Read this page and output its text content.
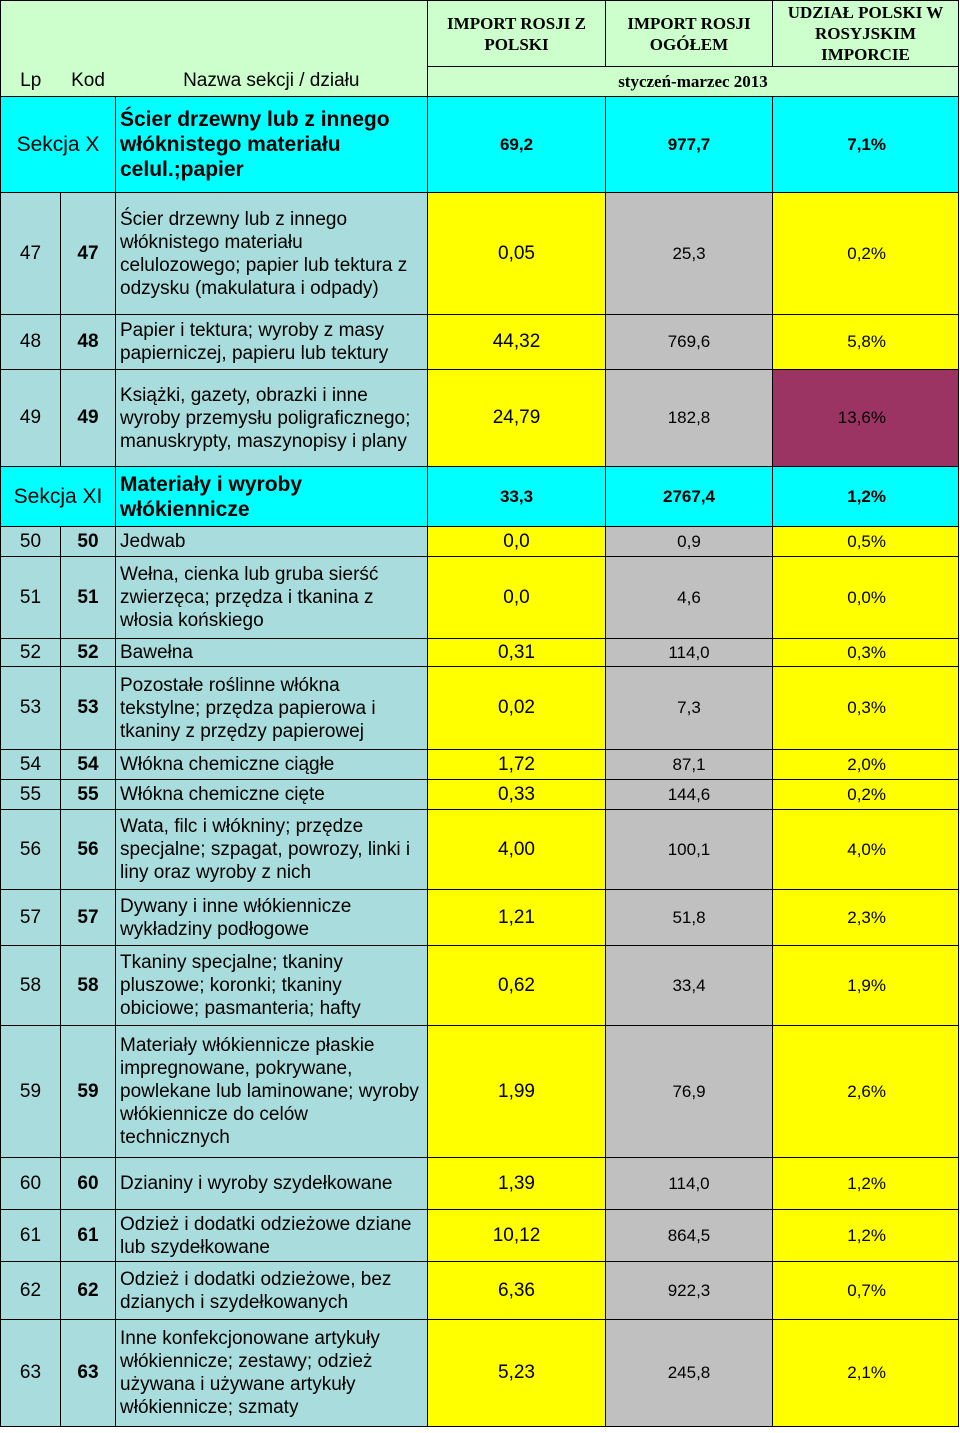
			IMPORT ROSJI Z POLSKI	IMPORT ROSJI OGÓŁEM	UDZIAŁ POLSKI W ROSYJSKIM IMPORCIE
Lp	Kod	Nazwa sekcji / działu	styczeń-marzec 2013		
Sekcja X		Ścier drzewny lub z innego włóknistego materiału celul.;papier	69,2	977,7	7,1%
47	47	Ścier drzewny lub z innego włóknistego materiału celulozowego; papier lub tektura z odzysku (makulatura i odpady)	0,05	25,3	0,2%
48	48	Papier i tektura; wyroby z masy papierniczej, papieru lub tektury	44,32	769,6	5,8%
49	49	Książki, gazety, obrazki i inne wyroby przemysłu poligraficznego; manuskrypty, maszynopisy i plany	24,79	182,8	13,6%
Sekcja XI		Materiały i wyroby włókiennicze	33,3	2767,4	1,2%
50	50	Jedwab	0,0	0,9	0,5%
51	51	Wełna, cienka lub gruba sierść zwierzęca; przędza i tkanina z włosia końskiego	0,0	4,6	0,0%
52	52	Bawełna	0,31	114,0	0,3%
53	53	Pozostałe roślinne włókna tekstylne; przędza papierowa i tkaniny z przędzy papierowej	0,02	7,3	0,3%
54	54	Włókna chemiczne ciągłe	1,72	87,1	2,0%
55	55	Włókna chemiczne cięte	0,33	144,6	0,2%
56	56	Wata, filc i włókniny; przędze specjalne; szpagat, powrozy, linki i liny oraz wyroby z nich	4,00	100,1	4,0%
57	57	Dywany i inne włókiennicze wykładziny podłogowe	1,21	51,8	2,3%
58	58	Tkaniny specjalne; tkaniny pluszowe; koronki; tkaniny obiciowe; pasmanteria; hafty	0,62	33,4	1,9%
59	59	Materiały włókiennicze płaskie impregnowane, pokrywane, powlekane lub laminowane; wyroby włókiennicze do celów technicznych	1,99	76,9	2,6%
60	60	Dzianiny i wyroby szydełkowane	1,39	114,0	1,2%
61	61	Odzież i dodatki odzieżowe dziane lub szydełkowane	10,12	864,5	1,2%
62	62	Odzież i dodatki odzieżowe, bez dzianych i szydełkowanych	6,36	922,3	0,7%
63	63	Inne konfekcjonowane artykuły włókiennicze; zestawy; odzież używana i używane artykuły włókiennicze; szmaty	5,23	245,8	2,1%
